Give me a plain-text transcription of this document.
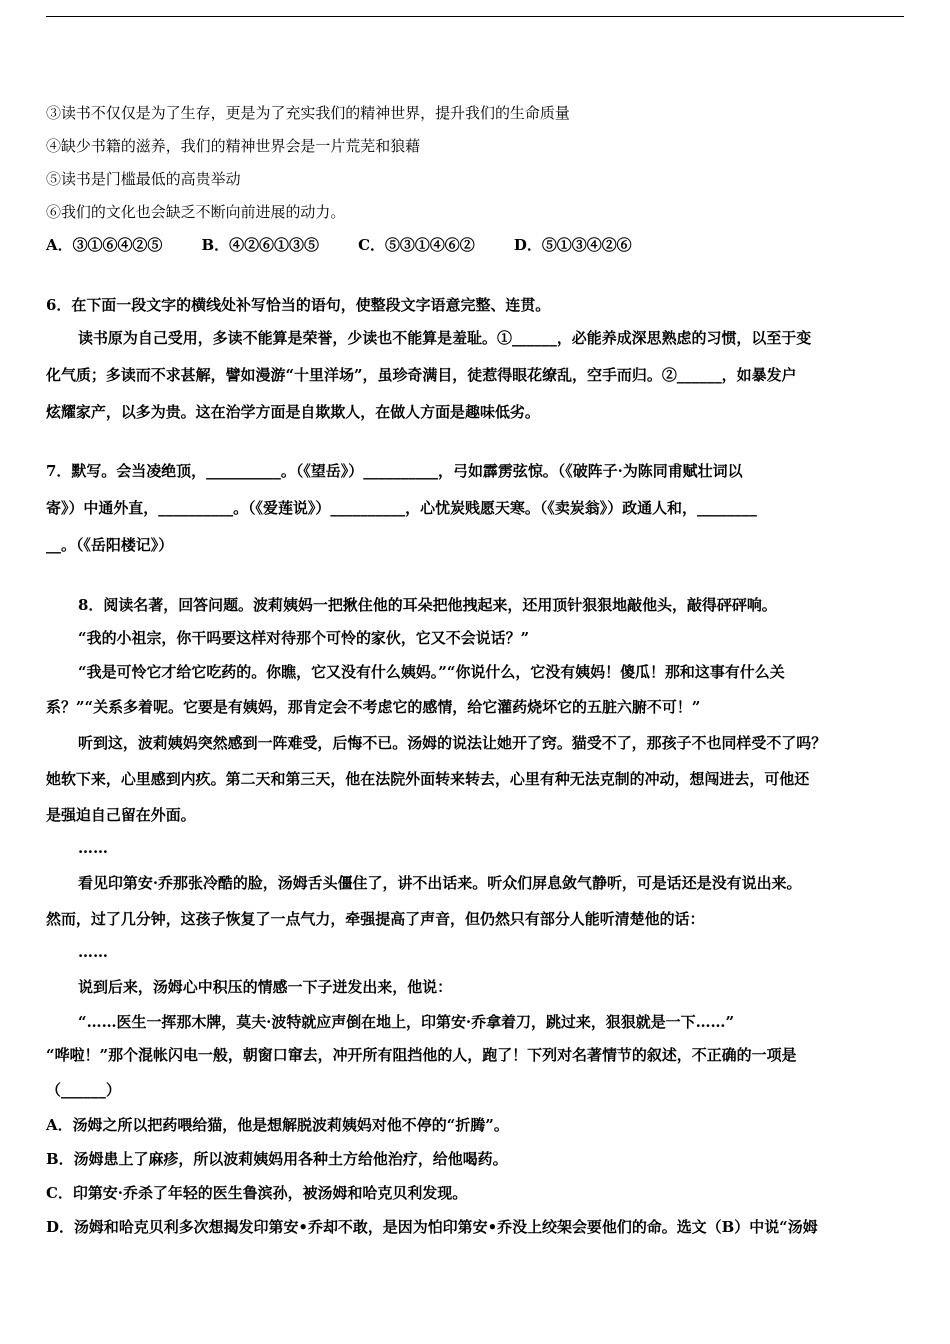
③读书不仅仅是为了生存，更是为了充实我们的精神世界，提升我们的生命质量
④缺少书籍的滋养，我们的精神世界会是一片荒芜和狼藉
⑤读书是门槛最低的高贵举动
⑥我们的文化也会缺乏不断向前进展的动力。
A．③①⑥④②⑤	B．④②⑥①③⑤	C．⑤③①④⑥②	D．⑤①③④②⑥
6．在下面一段文字的横线处补写恰当的语句，使整段文字语意完整、连贯。
读书原为自己受用，多读不能算是荣誉，少读也不能算是羞耻。①______，必能养成深思熟虑的习惯，以至于变
化气质；多读而不求甚解，譬如漫游“十里洋场”，虽珍奇满目，徒惹得眼花缭乱，空手而归。②______，如暴发户
炫耀家产，以多为贵。这在治学方面是自欺欺人，在做人方面是趣味低劣。
7．默写。会当凌绝顶，__________。（《望岳》）__________，弓如霹雳弦惊。（《破阵子·为陈同甫赋壮词以
寄》）中通外直，__________。（《爱莲说》）__________，心忧炭贱愿天寒。（《卖炭翁》）政通人和，________
__。（《岳阳楼记》）
8．阅读名著，回答问题。波莉姨妈一把揪住他的耳朵把他拽起来，还用顶针狠狠地敲他头，敲得砰砰响。
“我的小祖宗，你干吗要这样对待那个可怜的家伙，它又不会说话？”
“我是可怜它才给它吃药的。你瞧，它又没有什么姨妈。”“你说什么，它没有姨妈！傻瓜！那和这事有什么关
系？”“关系多着呢。它要是有姨妈，那肯定会不考虑它的感情，给它灌药烧坏它的五脏六腑不可！”
听到这，波莉姨妈突然感到一阵难受，后悔不已。汤姆的说法让她开了窍。猫受不了，那孩子不也同样受不了吗？
她软下来，心里感到内疚。第二天和第三天，他在法院外面转来转去，心里有种无法克制的冲动，想闯进去，可他还
是强迫自己留在外面。
……
看见印第安·乔那张冷酷的脸，汤姆舌头僵住了，讲不出话来。听众们屏息敛气静听，可是话还是没有说出来。
然而，过了几分钟，这孩子恢复了一点气力，牵强提高了声音，但仍然只有部分人能听清楚他的话：
……
说到后来，汤姆心中积压的情感一下子迸发出来，他说：
“……医生一挥那木牌，莫夫·波特就应声倒在地上，印第安·乔拿着刀，跳过来，狠狠就是一下……”
“哗啦！”那个混帐闪电一般，朝窗口窜去，冲开所有阻挡他的人，跑了！下列对名著情节的叙述，不正确的一项是
（______）
A．汤姆之所以把药喂给猫，他是想解脱波莉姨妈对他不停的“折腾”。
B．汤姆患上了麻疹，所以波莉姨妈用各种土方给他治疗，给他喝药。
C．印第安·乔杀了年轻的医生鲁滨孙，被汤姆和哈克贝利发现。
D．汤姆和哈克贝利多次想揭发印第安•乔却不敢，是因为怕印第安•乔没上绞架会要他们的命。选文（B）中说“汤姆
